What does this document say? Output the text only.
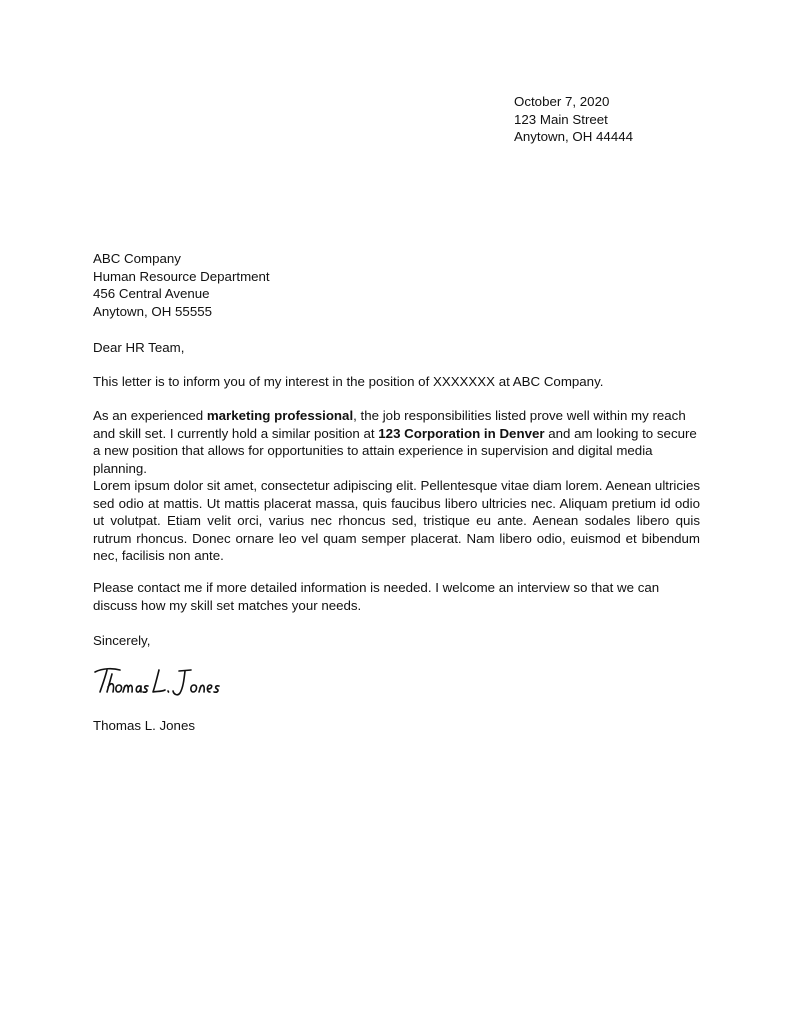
October 7, 2020
123 Main Street
Anytown, OH 44444
ABC Company
Human Resource Department
456 Central Avenue
Anytown, OH 55555

Dear HR Team,

This letter is to inform you of my interest in the position of XXXXXXX at ABC Company.

As an experienced marketing professional, the job responsibilities listed prove well within my reach and skill set. I currently hold a similar position at 123 Corporation in Denver and am looking to secure a new position that allows for opportunities to attain experience in supervision and digital media planning.

Lorem ipsum dolor sit amet, consectetur adipiscing elit. Pellentesque vitae diam lorem. Aenean ultricies sed odio at mattis. Ut mattis placerat massa, quis faucibus libero ultricies nec. Aliquam pretium id odio ut volutpat. Etiam velit orci, varius nec rhoncus sed, tristique eu ante. Aenean sodales libero quis rutrum rhoncus. Donec ornare leo vel quam semper placerat. Nam libero odio, euismod et bibendum nec, facilisis non ante.

Please contact me if more detailed information is needed. I welcome an interview so that we can discuss how my skill set matches your needs.

Sincerely,

Thomas L. Jones
